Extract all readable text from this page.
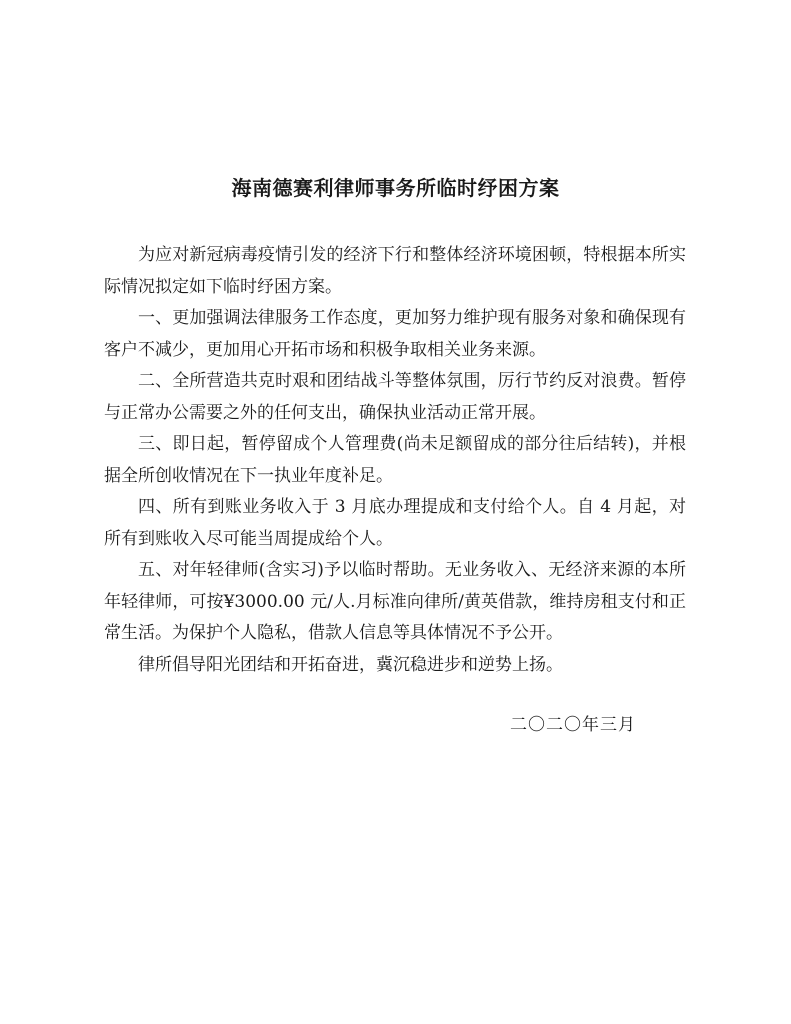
海南德赛利律师事务所临时纾困方案

为应对新冠病毒疫情引发的经济下行和整体经济环境困顿，特根据本所实际情况拟定如下临时纾困方案。

一、更加强调法律服务工作态度，更加努力维护现有服务对象和确保现有客户不减少，更加用心开拓市场和积极争取相关业务来源。

二、全所营造共克时艰和团结战斗等整体氛围，厉行节约反对浪费。暂停与正常办公需要之外的任何支出，确保执业活动正常开展。

三、即日起，暂停留成个人管理费(尚未足额留成的部分往后结转)，并根据全所创收情况在下一执业年度补足。

四、所有到账业务收入于 3 月底办理提成和支付给个人。自 4 月起，对所有到账收入尽可能当周提成给个人。

五、对年轻律师(含实习)予以临时帮助。无业务收入、无经济来源的本所年轻律师，可按¥3000.00 元/人.月标准向律所/黄英借款，维持房租支付和正常生活。为保护个人隐私，借款人信息等具体情况不予公开。

律所倡导阳光团结和开拓奋进，冀沉稳进步和逆势上扬。

二〇二〇年三月
